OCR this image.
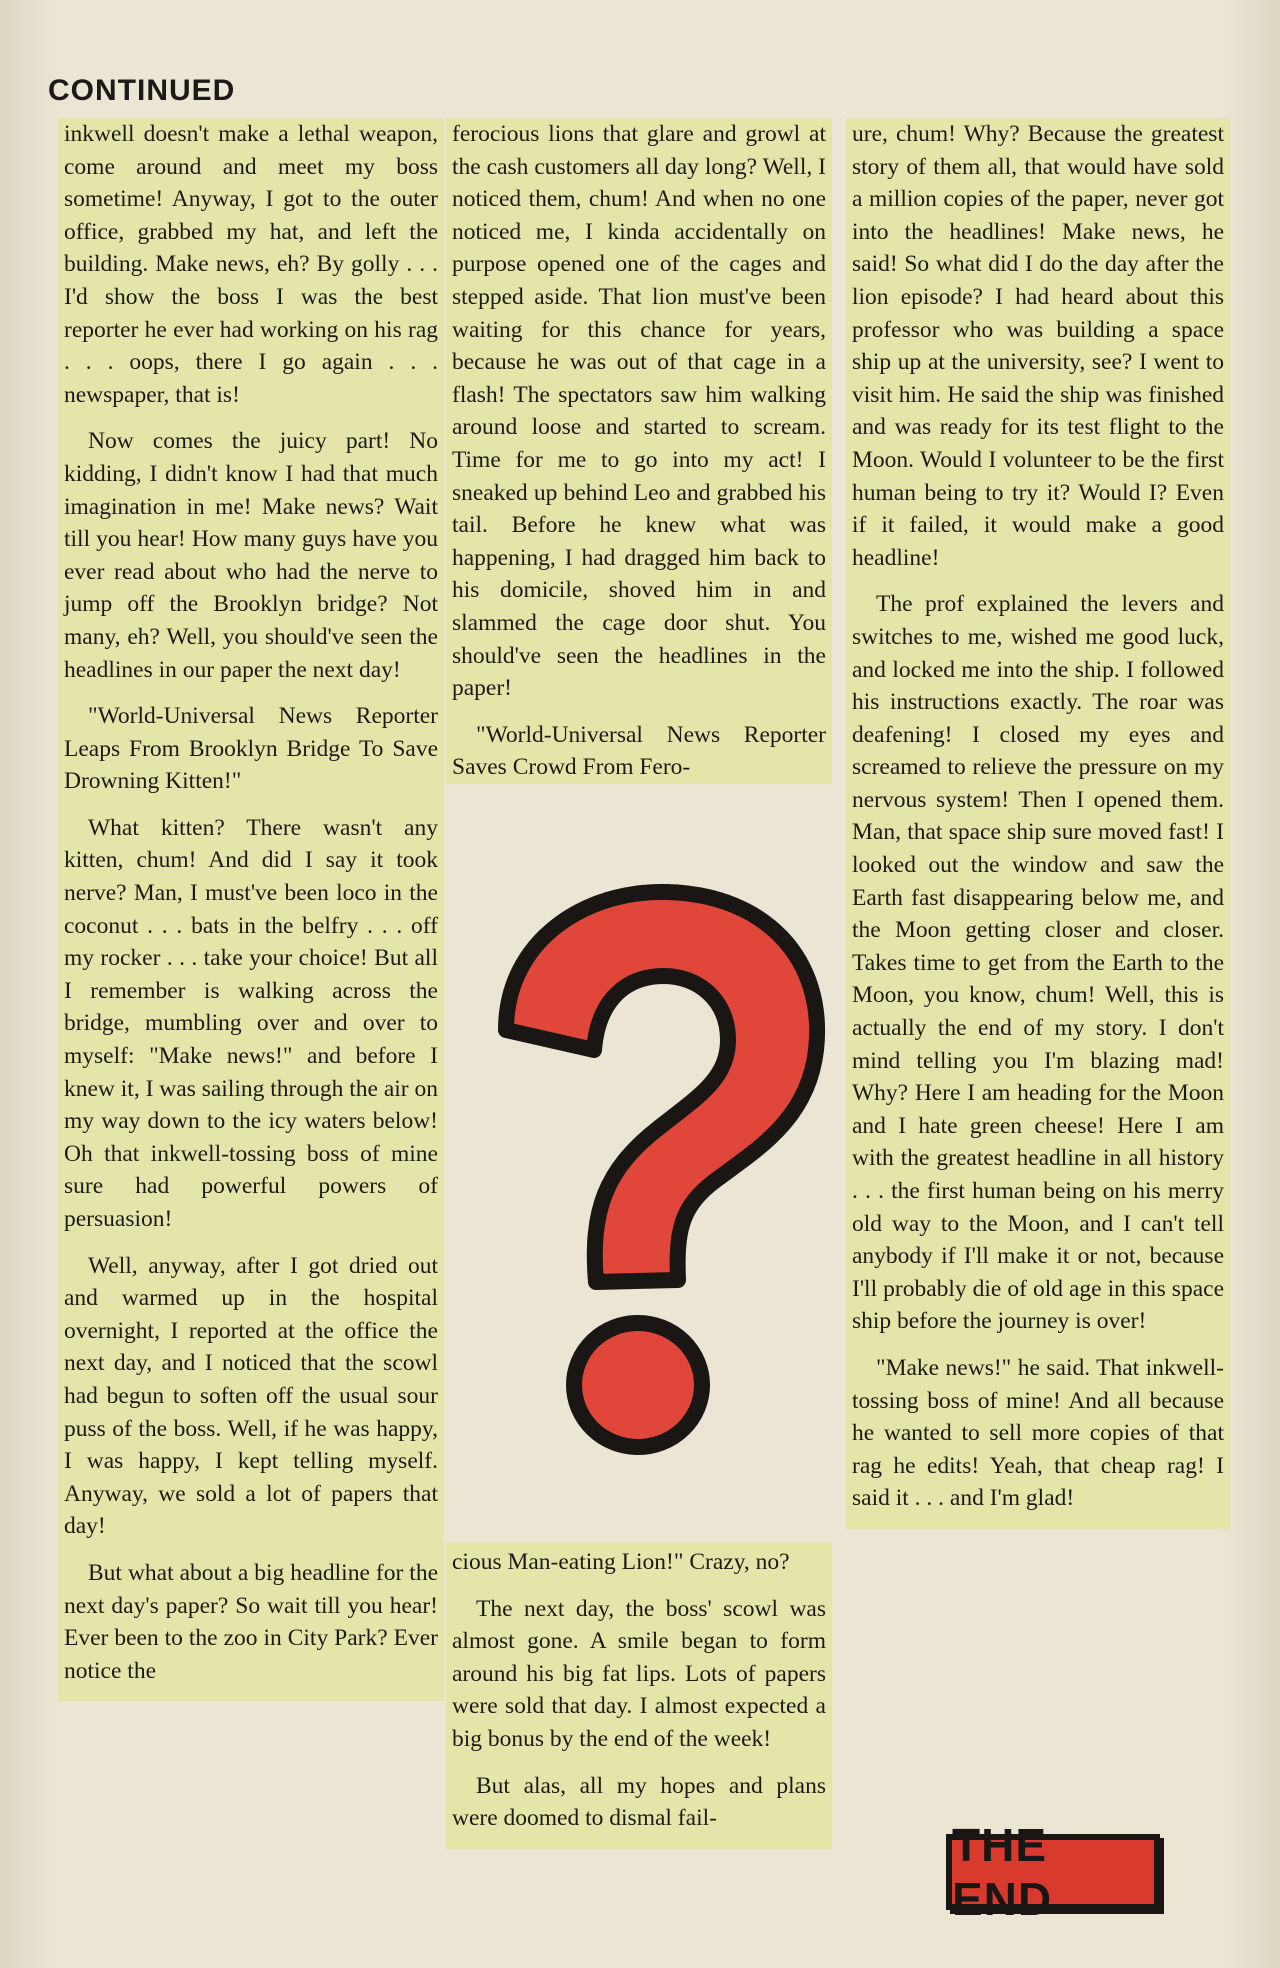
CONTINUED

inkwell doesn't make a lethal weapon, come around and meet my boss sometime! Anyway, I got to the outer office, grabbed my hat, and left the building. Make news, eh? By golly . . . I'd show the boss I was the best reporter he ever had working on his rag . . . oops, there I go again . . . newspaper, that is!

Now comes the juicy part! No kidding, I didn't know I had that much imagination in me! Make news? Wait till you hear! How many guys have you ever read about who had the nerve to jump off the Brooklyn bridge? Not many, eh? Well, you should've seen the headlines in our paper the next day!

"World-Universal News Reporter Leaps From Brooklyn Bridge To Save Drowning Kitten!"

What kitten? There wasn't any kitten, chum! And did I say it took nerve? Man, I must've been loco in the coconut . . . bats in the belfry . . . off my rocker . . . take your choice! But all I remember is walking across the bridge, mumbling over and over to myself: "Make news!" and before I knew it, I was sailing through the air on my way down to the icy waters below! Oh that inkwell-tossing boss of mine sure had powerful powers of persuasion!

Well, anyway, after I got dried out and warmed up in the hospital overnight, I reported at the office the next day, and I noticed that the scowl had begun to soften off the usual sour puss of the boss. Well, if he was happy, I was happy, I kept telling myself. Anyway, we sold a lot of papers that day!

But what about a big headline for the next day's paper? So wait till you hear! Ever been to the zoo in City Park? Ever notice the

ferocious lions that glare and growl at the cash customers all day long? Well, I noticed them, chum! And when no one noticed me, I kinda accidentally on purpose opened one of the cages and stepped aside. That lion must've been waiting for this chance for years, because he was out of that cage in a flash! The spectators saw him walking around loose and started to scream. Time for me to go into my act! I sneaked up behind Leo and grabbed his tail. Before he knew what was happening, I had dragged him back to his domicile, shoved him in and slammed the cage door shut. You should've seen the headlines in the paper!

"World-Universal News Reporter Saves Crowd From Fero-

cious Man-eating Lion!" Crazy, no?

The next day, the boss' scowl was almost gone. A smile began to form around his big fat lips. Lots of papers were sold that day. I almost expected a big bonus by the end of the week!

But alas, all my hopes and plans were doomed to dismal fail-

ure, chum! Why? Because the greatest story of them all, that would have sold a million copies of the paper, never got into the headlines! Make news, he said! So what did I do the day after the lion episode? I had heard about this professor who was building a space ship up at the university, see? I went to visit him. He said the ship was finished and was ready for its test flight to the Moon. Would I volunteer to be the first human being to try it? Would I? Even if it failed, it would make a good headline!

The prof explained the levers and switches to me, wished me good luck, and locked me into the ship. I followed his instructions exactly. The roar was deafening! I closed my eyes and screamed to relieve the pressure on my nervous system! Then I opened them. Man, that space ship sure moved fast! I looked out the window and saw the Earth fast disappearing below me, and the Moon getting closer and closer. Takes time to get from the Earth to the Moon, you know, chum! Well, this is actually the end of my story. I don't mind telling you I'm blazing mad! Why? Here I am heading for the Moon and I hate green cheese! Here I am with the greatest headline in all history . . . the first human being on his merry old way to the Moon, and I can't tell anybody if I'll make it or not, because I'll probably die of old age in this space ship before the journey is over!

"Make news!" he said. That inkwell-tossing boss of mine! And all because he wanted to sell more copies of that rag he edits! Yeah, that cheap rag! I said it . . . and I'm glad!

THE END
